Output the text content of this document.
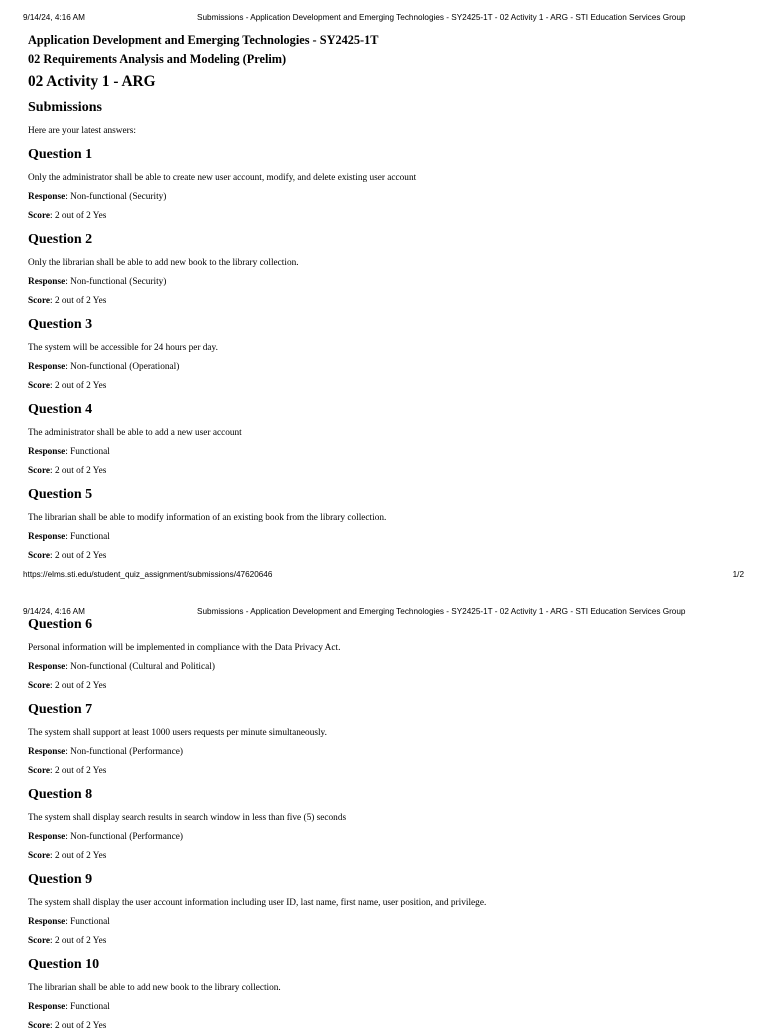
9/14/24, 4:16 AM	Submissions - Application Development and Emerging Technologies - SY2425-1T - 02 Activity 1 - ARG - STI Education Services Group

Application Development and Emerging Technologies - SY2425-1T

02 Requirements Analysis and Modeling (Prelim)

02 Activity 1 - ARG

Submissions

Here are your latest answers:

Question 1

Only the administrator shall be able to create new user account, modify, and delete existing user account

Response: Non-functional (Security)

Score: 2 out of 2 Yes

Question 2

Only the librarian shall be able to add new book to the library collection.

Response: Non-functional (Security)

Score: 2 out of 2 Yes

Question 3

The system will be accessible for 24 hours per day.

Response: Non-functional (Operational)

Score: 2 out of 2 Yes

Question 4

The administrator shall be able to add a new user account

Response: Functional

Score: 2 out of 2 Yes

Question 5

The librarian shall be able to modify information of an existing book from the library collection.

Response: Functional

Score: 2 out of 2 Yes

https://elms.sti.edu/student_quiz_assignment/submissions/47620646	1/2
9/14/24, 4:16 AM	Submissions - Application Development and Emerging Technologies - SY2425-1T - 02 Activity 1 - ARG - STI Education Services Group

Question 6

Personal information will be implemented in compliance with the Data Privacy Act.

Response: Non-functional (Cultural and Political)

Score: 2 out of 2 Yes

Question 7

The system shall support at least 1000 users requests per minute simultaneously.

Response: Non-functional (Performance)

Score: 2 out of 2 Yes

Question 8

The system shall display search results in search window in less than five (5) seconds

Response: Non-functional (Performance)

Score: 2 out of 2 Yes

Question 9

The system shall display the user account information including user ID, last name, first name, user position, and privilege.

Response: Functional

Score: 2 out of 2 Yes

Question 10

The librarian shall be able to add new book to the library collection.

Response: Functional

Score: 2 out of 2 Yes
